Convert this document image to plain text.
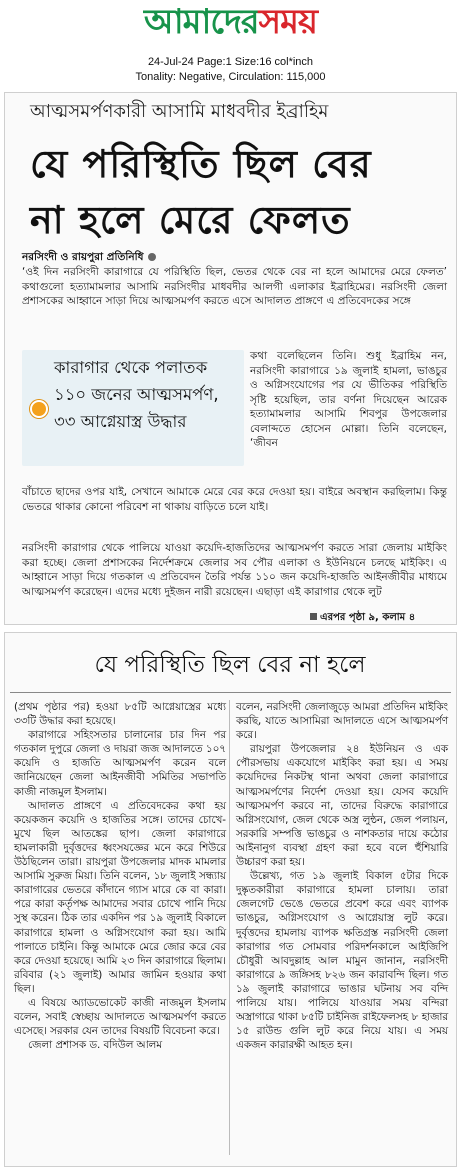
আমাদেরসময়
24-Jul-24 Page:1 Size:16 col*inch
Tonality: Negative, Circulation: 115,000
আত্মসমর্পণকারী আসামি মাধবদীর ইব্রাহিম
যে পরিস্থিতি ছিল বের
না হলে মেরে ফেলত
নরসিংদী ও রায়পুরা প্রতিনিধি
‘ওই দিন নরসিংদী কারাগারে যে পরিস্থিতি ছিল, ভেতর থেকে বের না হলে আমাদের মেরে ফেলত’ কথাগুলো হত্যামামলার আসামি নরসিংদীর মাধবদীর আলগী এলাকার ইব্রাহিমের। নরসিংদী জেলা প্রশাসকের আহ্বানে সাড়া দিয়ে আত্মসমর্পণ করতে এসে আদালত প্রাঙ্গণে এ প্রতিবেদকের সঙ্গে
কারাগার থেকে পলাতক ১১০ জনের আত্মসমর্পণ, ৩৩ আগ্নেয়াস্ত্র উদ্ধার
কথা বলেছিলেন তিনি। শুধু ইব্রাহিম নন, নরসিংদী কারাগারে ১৯ জুলাই হামলা, ভাঙচুর ও অগ্নিসংযোগের পর যে ভীতিকর পরিস্থিতি সৃষ্টি হয়েছিল, তার বর্ণনা দিয়েছেন আরেক হত্যামামলার আসামি শিবপুর উপজেলার বেলাব্দতে হোসেন মোল্লা। তিনি বলেছেন, ‘জীবন
বাঁচাতে ছাদের ওপর যাই, সেখানে আমাকে মেরে বের করে দেওয়া হয়। বাইরে অবস্থান করছিলাম। কিন্তু ভেতরে থাকার কোনো পরিবেশ না থাকায় বাড়িতে চলে যাই।
নরসিংদী কারাগার থেকে পালিয়ে যাওয়া কয়েদি-হাজতিদের আত্মসমর্পণ করতে সারা জেলায় মাইকিং করা হচ্ছে। জেলা প্রশাসকের নির্দেশক্রমে জেলার সব পৌর এলাকা ও ইউনিয়নে চলছে মাইকিং। এ আহ্বানে সাড়া দিয়ে গতকাল এ প্রতিবেদন তৈরি পর্যন্ত ১১০ জন কয়েদি-হাজতি আইনজীবীর মাধ্যমে আত্মসমর্পণ করেছেন। এদের মধ্যে দুইজন নারী রয়েছেন। এছাড়া এই কারাগার থেকে লুট
এরপর পৃষ্ঠা ৯, কলাম ৪
যে পরিস্থিতি ছিল বের না হলে

(প্রথম পৃষ্ঠার পর) হওয়া ৮৫টি আগ্নেয়াস্ত্রের মধ্যে ৩৩টি উদ্ধার করা হয়েছে।

কারাগারে সহিংসতার চালানোর চার দিন পর গতকাল দুপুরে জেলা ও দায়রা জজ আদালতে ১০৭ কয়েদি ও হাজতি আত্মসমর্পণ করেন বলে জানিয়েছেন জেলা আইনজীবী সমিতির সভাপতি কাজী নাজমুল ইসলাম।

আদালত প্রাঙ্গণে এ প্রতিবেদকের কথা হয় কয়েকজন কয়েদি ও হাজতির সঙ্গে। তাদের চোখে-মুখে ছিল আতঙ্কের ছাপ। জেলা কারাগারে হামলাকারী দুর্বৃত্তদের ধ্বংসযজ্ঞের মনে করে শিউরে উঠছিলেন তারা। রায়পুরা উপজেলার মাদক মামলার আসামি সুরুজ মিয়া। তিনি বলেন, ১৮ জুলাই সন্ধ্যায় কারাগারের ভেতরে কাঁদানে গ্যাস মারে কে বা কারা। পরে কারা কর্তৃপক্ষ আমাদের সবার চোখে পানি দিয়ে সুস্থ করেন। ঠিক তার একদিন পর ১৯ জুলাই বিকালে কারাগারে হামলা ও অগ্নিসংযোগ করা হয়। আমি পালাতে চাইনি। কিন্তু আমাকে মেরে জোর করে বের করে দেওয়া হয়েছে। আমি ২৩ দিন কারাগারে ছিলাম। রবিবার (২১ জুলাই) আমার জামিন হওয়ার কথা ছিল।

এ বিষয়ে অ্যাডভোকেট কাজী নাজমুল ইসলাম বলেন, সবাই স্বেচ্ছায় আদালতে আত্মসমর্পণ করতে এসেছে। সরকার যেন তাদের বিষয়টি বিবেচনা করে।

জেলা প্রশাসক ড. বদিউল আলম

বলেন, নরসিংদী জেলাজুড়ে আমরা প্রতিদিন মাইকিং করছি, যাতে আসামিরা আদালতে এসে আত্মসমর্পণ করে।

রায়পুরা উপজেলার ২৪ ইউনিয়ন ও এক পৌরসভায় একযোগে মাইকিং করা হয়। এ সময় কয়েদিদের নিকটস্থ থানা অথবা জেলা কারাগারে আত্মসমর্পণের নির্দেশ দেওয়া হয়। যেসব কয়েদি আত্মসমর্পণ করবে না, তাদের বিরুদ্ধে কারাগারে অগ্নিসংযোগ, জেল থেকে অস্ত্র লুন্ঠন, জেল পলায়ন, সরকারি সম্পত্তি ভাঙচুর ও নাশকতার দায়ে কঠোর আইনানুগ ব্যবস্থা গ্রহণ করা হবে বলে হুঁশিয়ারি উচ্চারণ করা হয়।

উল্লেখ্য, গত ১৯ জুলাই বিকাল ৫টার দিকে দুষ্কৃতকারীরা কারাগারে হামলা চালায়। তারা জেলগেট ভেঙে ভেতরে প্রবেশ করে এবং ব্যাপক ভাঙচুর, অগ্নিসংযোগ ও আগ্নেয়াস্ত্র লুট করে। দুর্বৃত্তদের হামলায় ব্যাপক ক্ষতিগ্রস্ত নরসিংদী জেলা কারাগার গত সোমবার পরিদর্শনকালে আইজিপি চৌধুরী আবদুল্লাহ আল মামুন জানান, নরসিংদী কারাগারে ৯ জঙ্গিসহ ৮২৬ জন কারাবন্দি ছিল। গত ১৯ জুলাই কারাগারে ভাঙার ঘটনায় সব বন্দি পালিয়ে যায়। পালিয়ে যাওয়ার সময় বন্দিরা অস্ত্রাগারে থাকা ৮৫টি চাইনিজ রাইফেলসহ ৮ হাজার ১৫ রাউন্ড গুলি লুট করে নিয়ে যায়। এ সময় একজন কারারক্ষী আহত হন।
